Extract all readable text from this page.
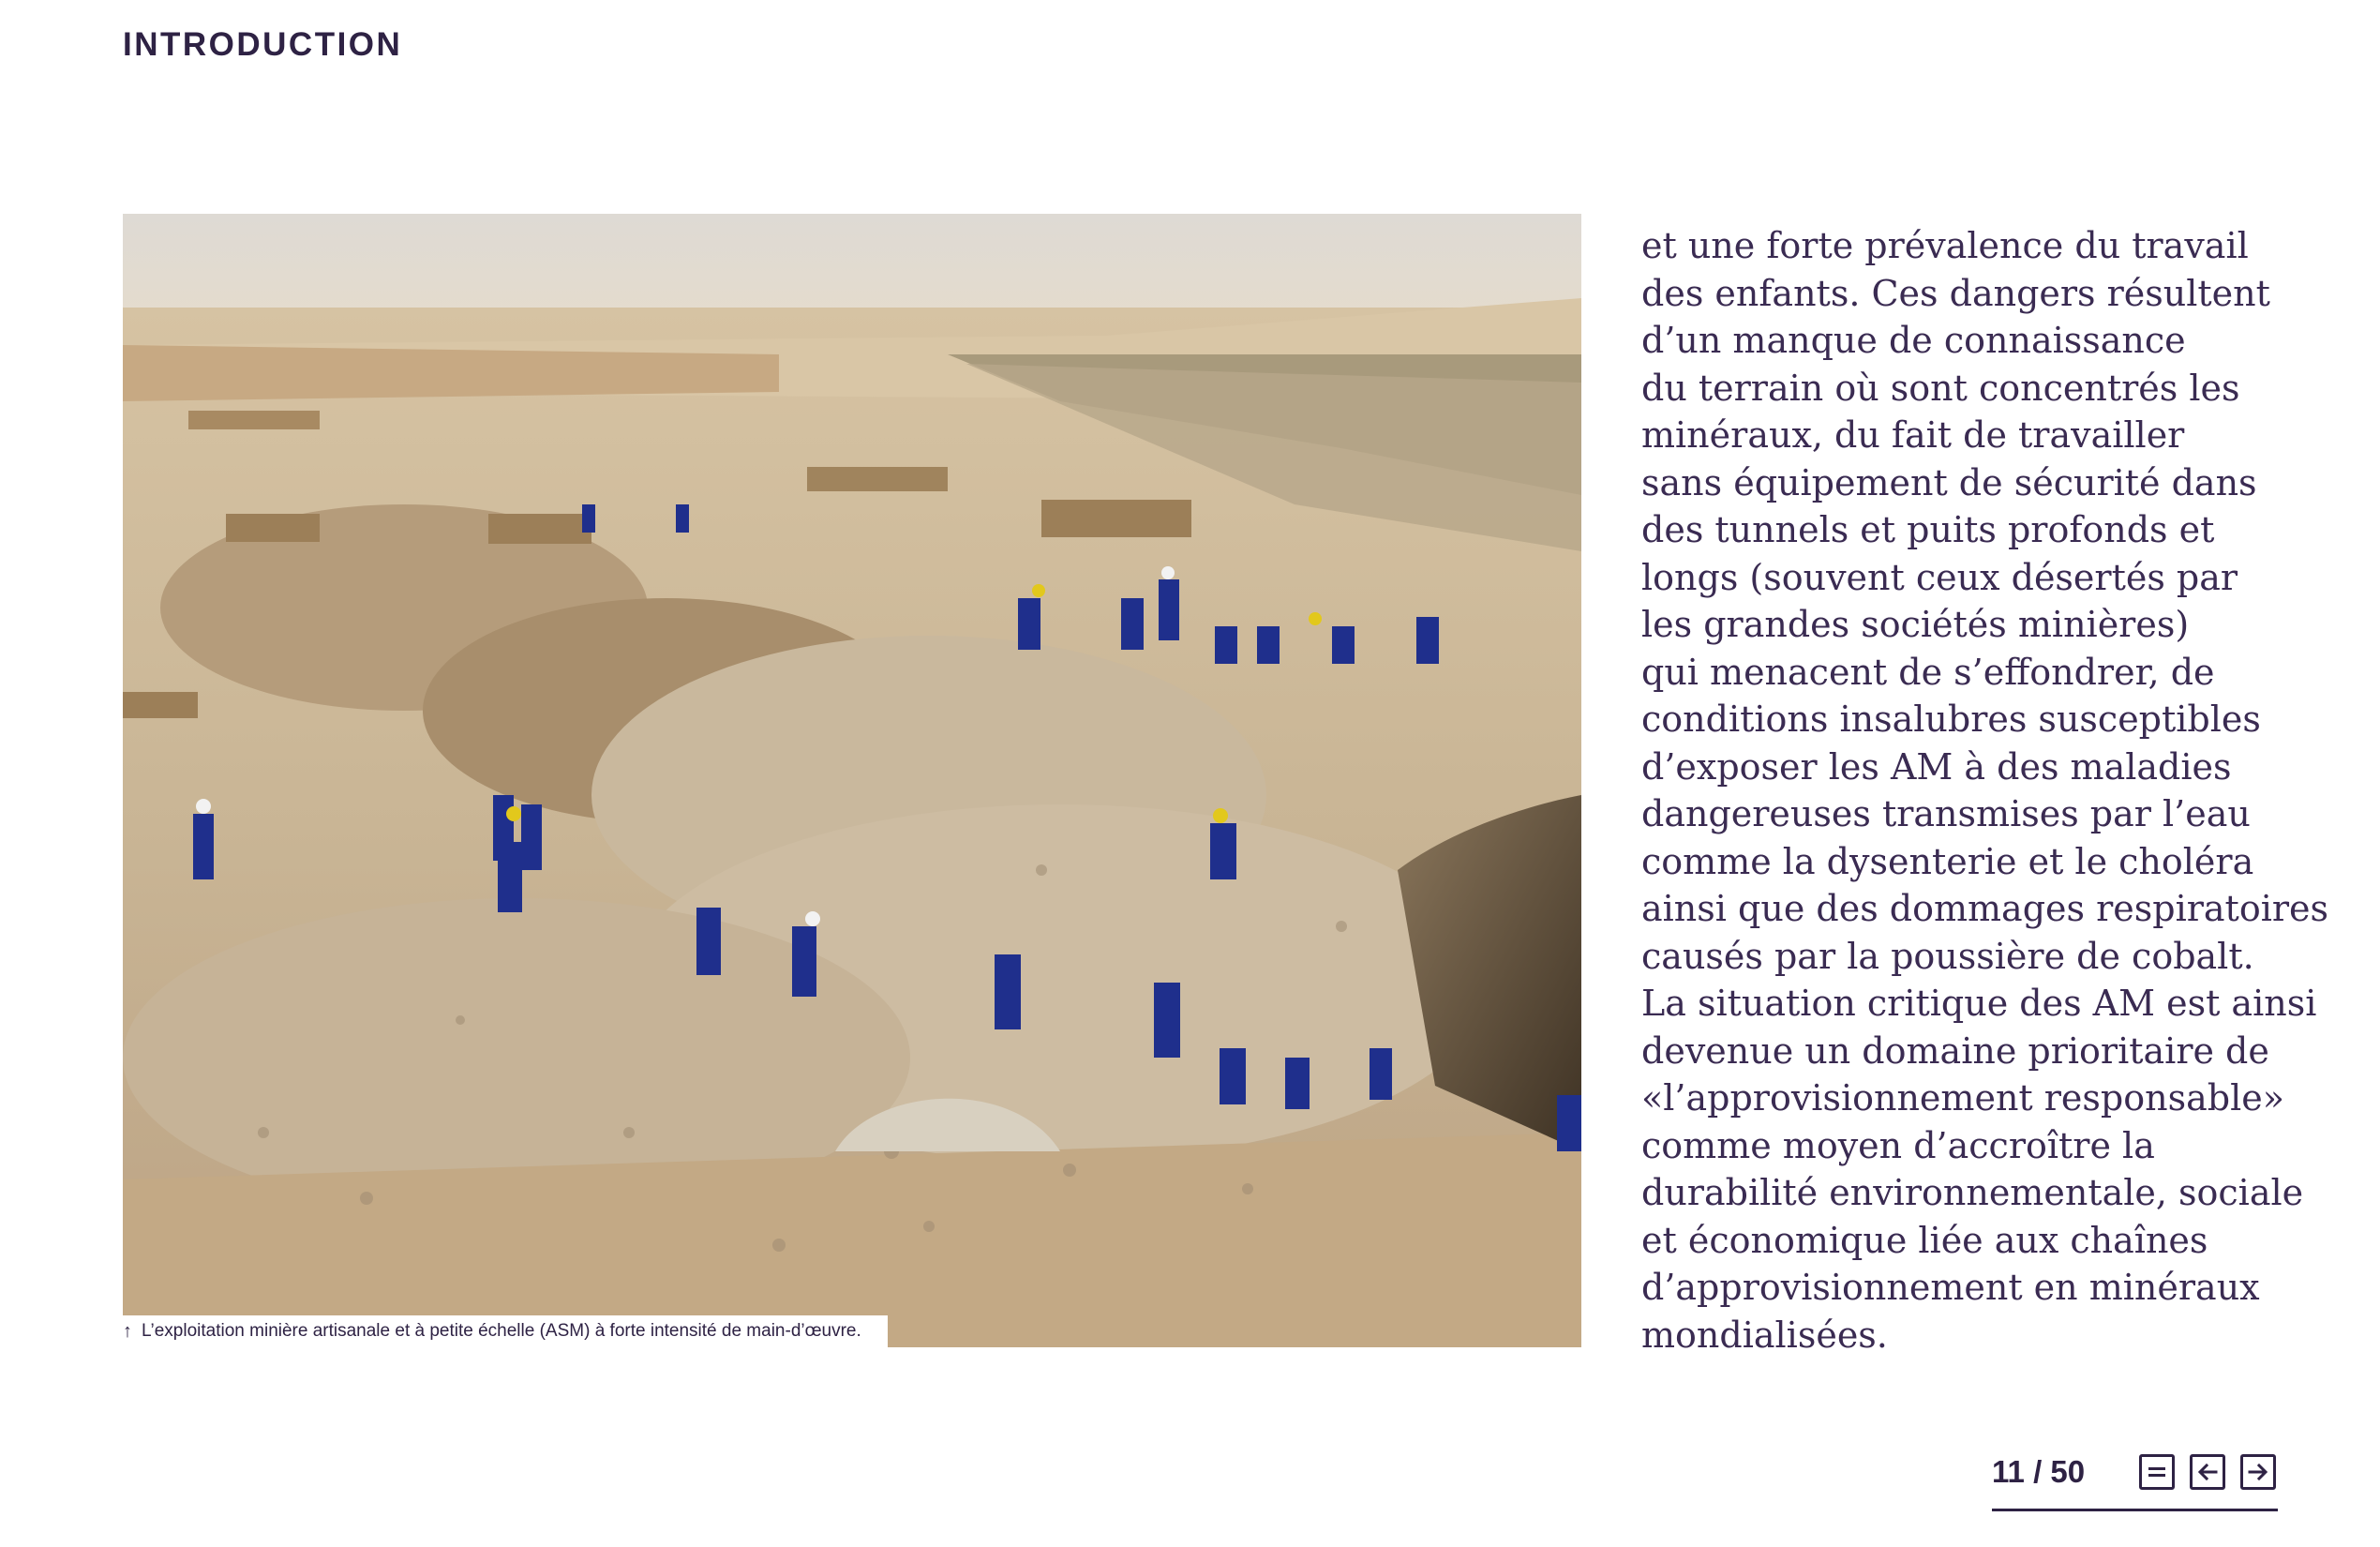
INTRODUCTION
↑ L’exploitation minière artisanale et à petite échelle (ASM) à forte intensité de main-d’œuvre.
et une forte prévalence du travail
des enfants. Ces dangers résultent
d’un manque de connaissance
du terrain où sont concentrés les
minéraux, du fait de travailler
sans équipement de sécurité dans
des tunnels et puits profonds et
longs (souvent ceux désertés par
les grandes sociétés minières)
qui menacent de s’effondrer, de
conditions insalubres susceptibles
d’exposer les AM à des maladies
dangereuses transmises par l’eau
comme la dysenterie et le choléra
ainsi que des dommages respiratoires
causés par la poussière de cobalt.
La situation critique des AM est ainsi
devenue un domaine prioritaire de
«l’approvisionnement responsable»
comme moyen d’accroître la
durabilité environnementale, sociale
et économique liée aux chaînes
d’approvisionnement en minéraux
mondialisées.
11 / 50
